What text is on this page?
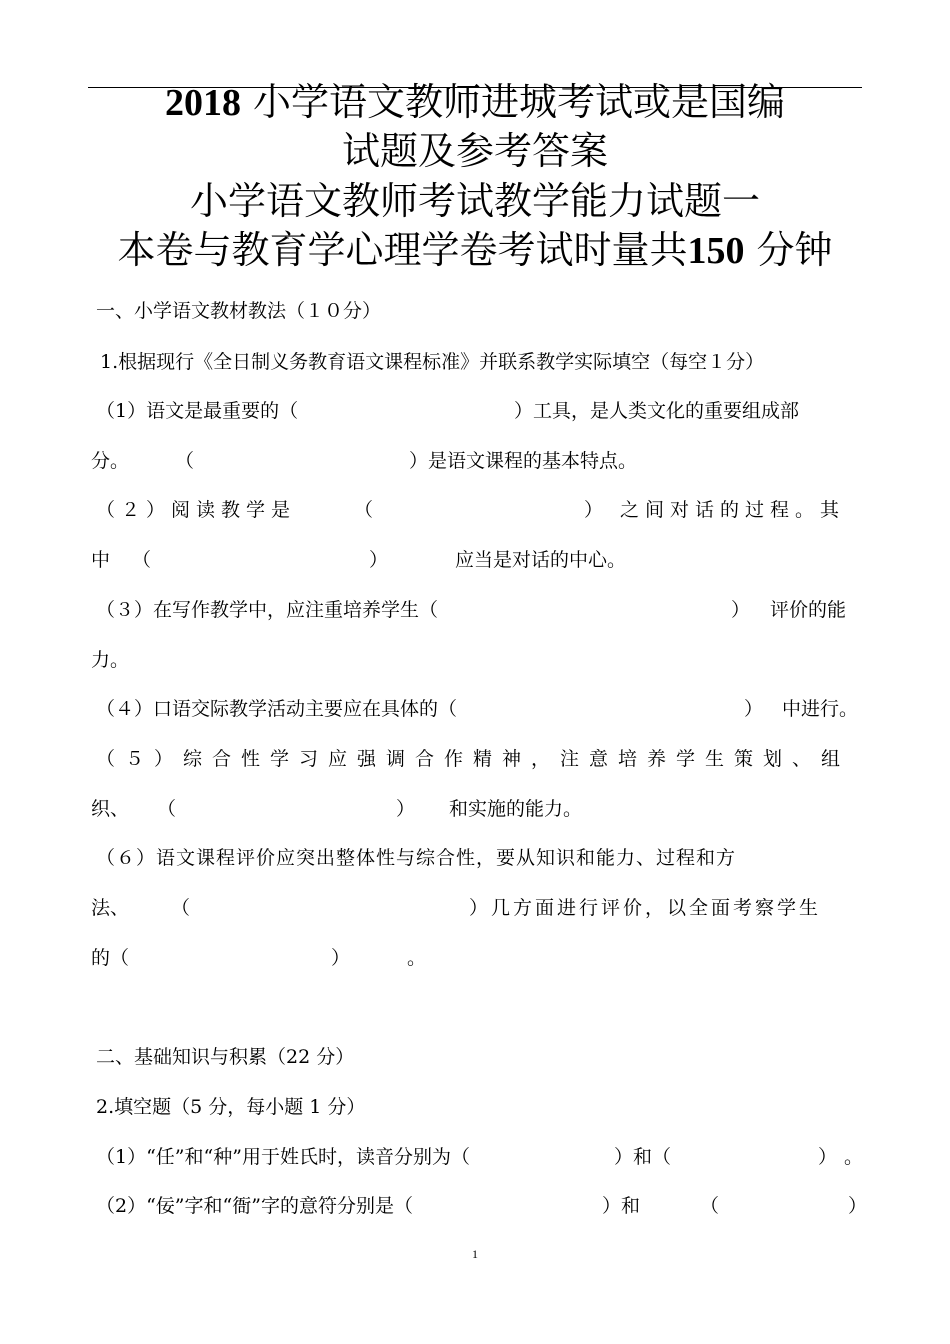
2018 小学语文教师进城考试或是国编
试题及参考答案
小学语文教师考试教学能力试题一
本卷与教育学心理学卷考试时量共150 分钟
一、小学语文教材教法（１０分）
1.根据现行《全日制义务教育语文课程标准》并联系教学实际填空（每空１分）
（1）语文是最重要的（	）工具，是人类文化的重要组成部
分。 （	）是语文课程的基本特点。
（２）阅读教学是	（	） 之间对话的过程。其
中 （	）	应当是对话的中心。
（３）在写作教学中，应注重培养学生（	） 评价的能
力。
（４）口语交际教学活动主要应在具体的（	） 中进行。
（５）综合性学习应强调合作精神，注意培养学生策划、组
织、 （	） 和实施的能力。
（６）语文课程评价应突出整体性与综合性，要从知识和能力、过程和方
法、 （	）几方面进行评价，以全面考察学生
的（	）	。
二、基础知识与积累（22 分）
2.填空题（5 分，每小题 1 分）
（1）“任”和“种”用于姓氏时，读音分别为（	）和（	） 。
（2）“佞”字和“衙”字的意符分别是（	）和	（	）
1
